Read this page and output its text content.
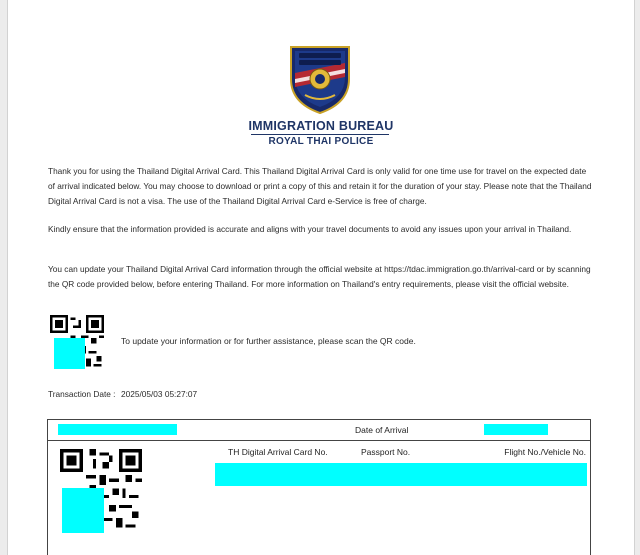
IMMIGRATION BUREAU
ROYAL THAI POLICE

Thank you for using the Thailand Digital Arrival Card. This Thailand Digital Arrival Card is only valid for one time use for travel on the expected date of arrival indicated below. You may choose to download or print a copy of this and retain it for the duration of your stay. Please note that the Thailand Digital Arrival Card is not a visa. The use of the Thailand Digital Arrival Card e-Service is free of charge.

Kindly ensure that the information provided is accurate and aligns with your travel documents to avoid any issues upon your arrival in Thailand.

You can update your Thailand Digital Arrival Card information through the official website at https://tdac.immigration.go.th/arrival-card or by scanning the QR code provided below, before entering Thailand. For more information on Thailand's entry requirements, please visit the official website.

To update your information or for further assistance, please scan the QR code.
Transaction Date : 2025/05/03 05:27:07
Date of Arrival
TH Digital Arrival Card No.	Passport No.	Flight No./Vehicle No.
